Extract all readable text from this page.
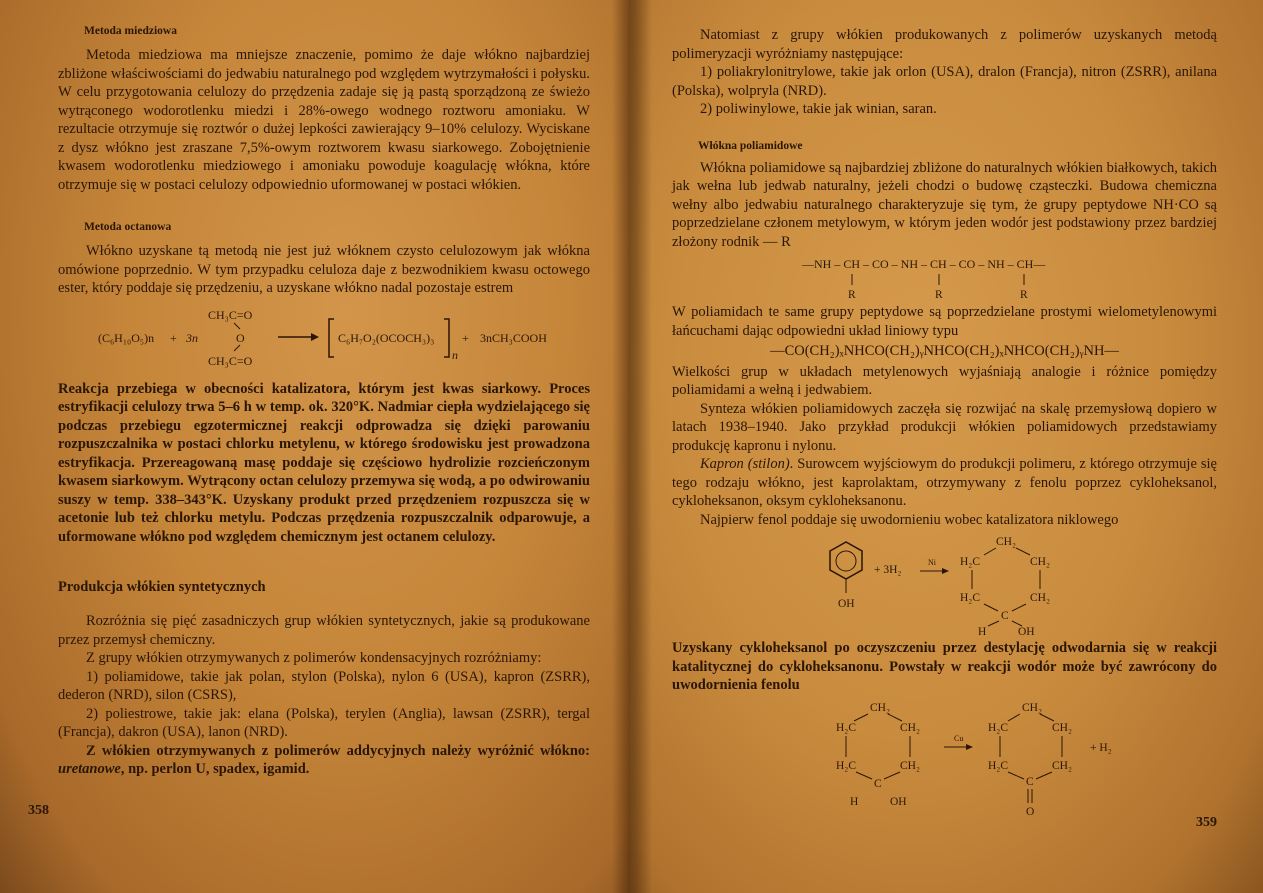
Metoda miedziowa
Metoda miedziowa ma mniejsze znaczenie, pomimo że daje włókno najbardziej zbliżone właściwościami do jedwabiu naturalnego pod względem wytrzymałości i połysku. W celu przygotowania celulozy do przędzenia zadaje się ją pastą sporządzoną ze świeżo wytrąconego wodorotlenku miedzi i 28%-owego wodnego roztworu amoniaku. W rezultacie otrzymuje się roztwór o dużej lepkości zawierający 9–10% celulozy. Wyciskane z dysz włókno jest zraszane 7,5%-owym roztworem kwasu siarkowego. Zobojętnienie kwasem wodorotlenku miedziowego i amoniaku powoduje koagulację włókna, które otrzymuje się w postaci celulozy odpowiednio uformowanej w postaci włókien.
Metoda octanowa
Włókno uzyskane tą metodą nie jest już włóknem czysto celulozowym jak włókna omówione poprzednio. W tym przypadku celuloza daje z bezwodnikiem kwasu octowego ester, który poddaje się przędzeniu, a uzyskane włókno nadal pozostaje estrem
(C₆H₁₀O₅)n + 3n
CH₃C=O
O
CH₃C=O
C₆H₇O₂(OCOCH₃)₃
n
+ 3nCH₃COOH
Reakcja przebiega w obecności katalizatora, którym jest kwas siarkowy. Proces estryfikacji celulozy trwa 5–6 h w temp. ok. 320°K. Nadmiar ciepła wydzielającego się podczas przebiegu egzotermicznej reakcji odprowadza się dzięki parowaniu rozpuszczalnika w postaci chlorku metylenu, w którego środowisku jest prowadzona estryfikacja. Przereagowaną masę poddaje się częściowo hydrolizie rozcieńczonym kwasem siarkowym. Wytrącony octan celulozy przemywa się wodą, a po odwirowaniu suszy w temp. 338–343°K. Uzyskany produkt przed przędzeniem rozpuszcza się w acetonie lub też chlorku metylu. Podczas przędzenia rozpuszczalnik odparowuje, a uformowane włókno pod względem chemicznym jest octanem celulozy.
Produkcja włókien syntetycznych
Rozróżnia się pięć zasadniczych grup włókien syntetycznych, jakie są produkowane przez przemysł chemiczny.
Z grupy włókien otrzymywanych z polimerów kondensacyjnych rozróżniamy:
1) poliamidowe, takie jak polan, stylon (Polska), nylon 6 (USA), kapron (ZSRR), dederon (NRD), silon (CSRS),
2) poliestrowe, takie jak: elana (Polska), terylen (Anglia), lawsan (ZSRR), tergal (Francja), dakron (USA), lanon (NRD).
Z włókien otrzymywanych z polimerów addycyjnych należy wyróżnić włókno: uretanowe, np. perlon U, spadex, igamid.
358
Natomiast z grupy włókien produkowanych z polimerów uzyskanych metodą polimeryzacji wyróżniamy następujące:
1) poliakrylonitrylowe, takie jak orlon (USA), dralon (Francja), nitron (ZSRR), anilana (Polska), wolpryla (NRD).
2) poliwinylowe, takie jak winian, saran.
Włókna poliamidowe
Włókna poliamidowe są najbardziej zbliżone do naturalnych włókien białkowych, takich jak wełna lub jedwab naturalny, jeżeli chodzi o budowę cząsteczki. Budowa chemiczna wełny albo jedwabiu naturalnego charakteryzuje się tym, że grupy peptydowe NH·CO są poprzedzielane członem metylowym, w którym jeden wodór jest podstawiony przez bardziej złożony rodnik — R
—NH – CH – CO – NH – CH – CO – NH – CH—
R	R	R
W poliamidach te same grupy peptydowe są poprzedzielane prostymi wielometylenowymi łańcuchami dając odpowiedni układ liniowy typu
—CO(CH₂)ₓNHCO(CH₂)ᵧNHCO(CH₂)ₓNHCO(CH₂)ᵧNH—
Wielkości grup w układach metylenowych wyjaśniają analogie i różnice pomiędzy poliamidami a wełną i jedwabiem.
Synteza włókien poliamidowych zaczęła się rozwijać na skalę przemysłową dopiero w latach 1938–1940. Jako przykład produkcji włókien poliamidowych przedstawiamy produkcję kapronu i nylonu.
Kapron (stilon). Surowcem wyjściowym do produkcji polimeru, z którego otrzymuje się tego rodzaju włókno, jest kaprolaktam, otrzymywany z fenolu poprzez cykloheksanol, cykloheksanon, oksym cykloheksanonu.
Najpierw fenol poddaje się uwodornieniu wobec katalizatora niklowego
OH
+ 3H₂
Ni
CH₂
H₂C	CH₂
H₂C	CH₂
C
H	OH
Uzyskany cykloheksanol po oczyszczeniu przez destylację odwodarnia się w reakcji katalitycznej do cykloheksanonu. Powstały w reakcji wodór może być zawrócony do uwodornienia fenolu
CH₂
H₂C	CH₂
H₂C	CH₂
C
H	OH
Cu
CH₂
H₂C	CH₂
H₂C	CH₂
C
O
+ H₂
359
